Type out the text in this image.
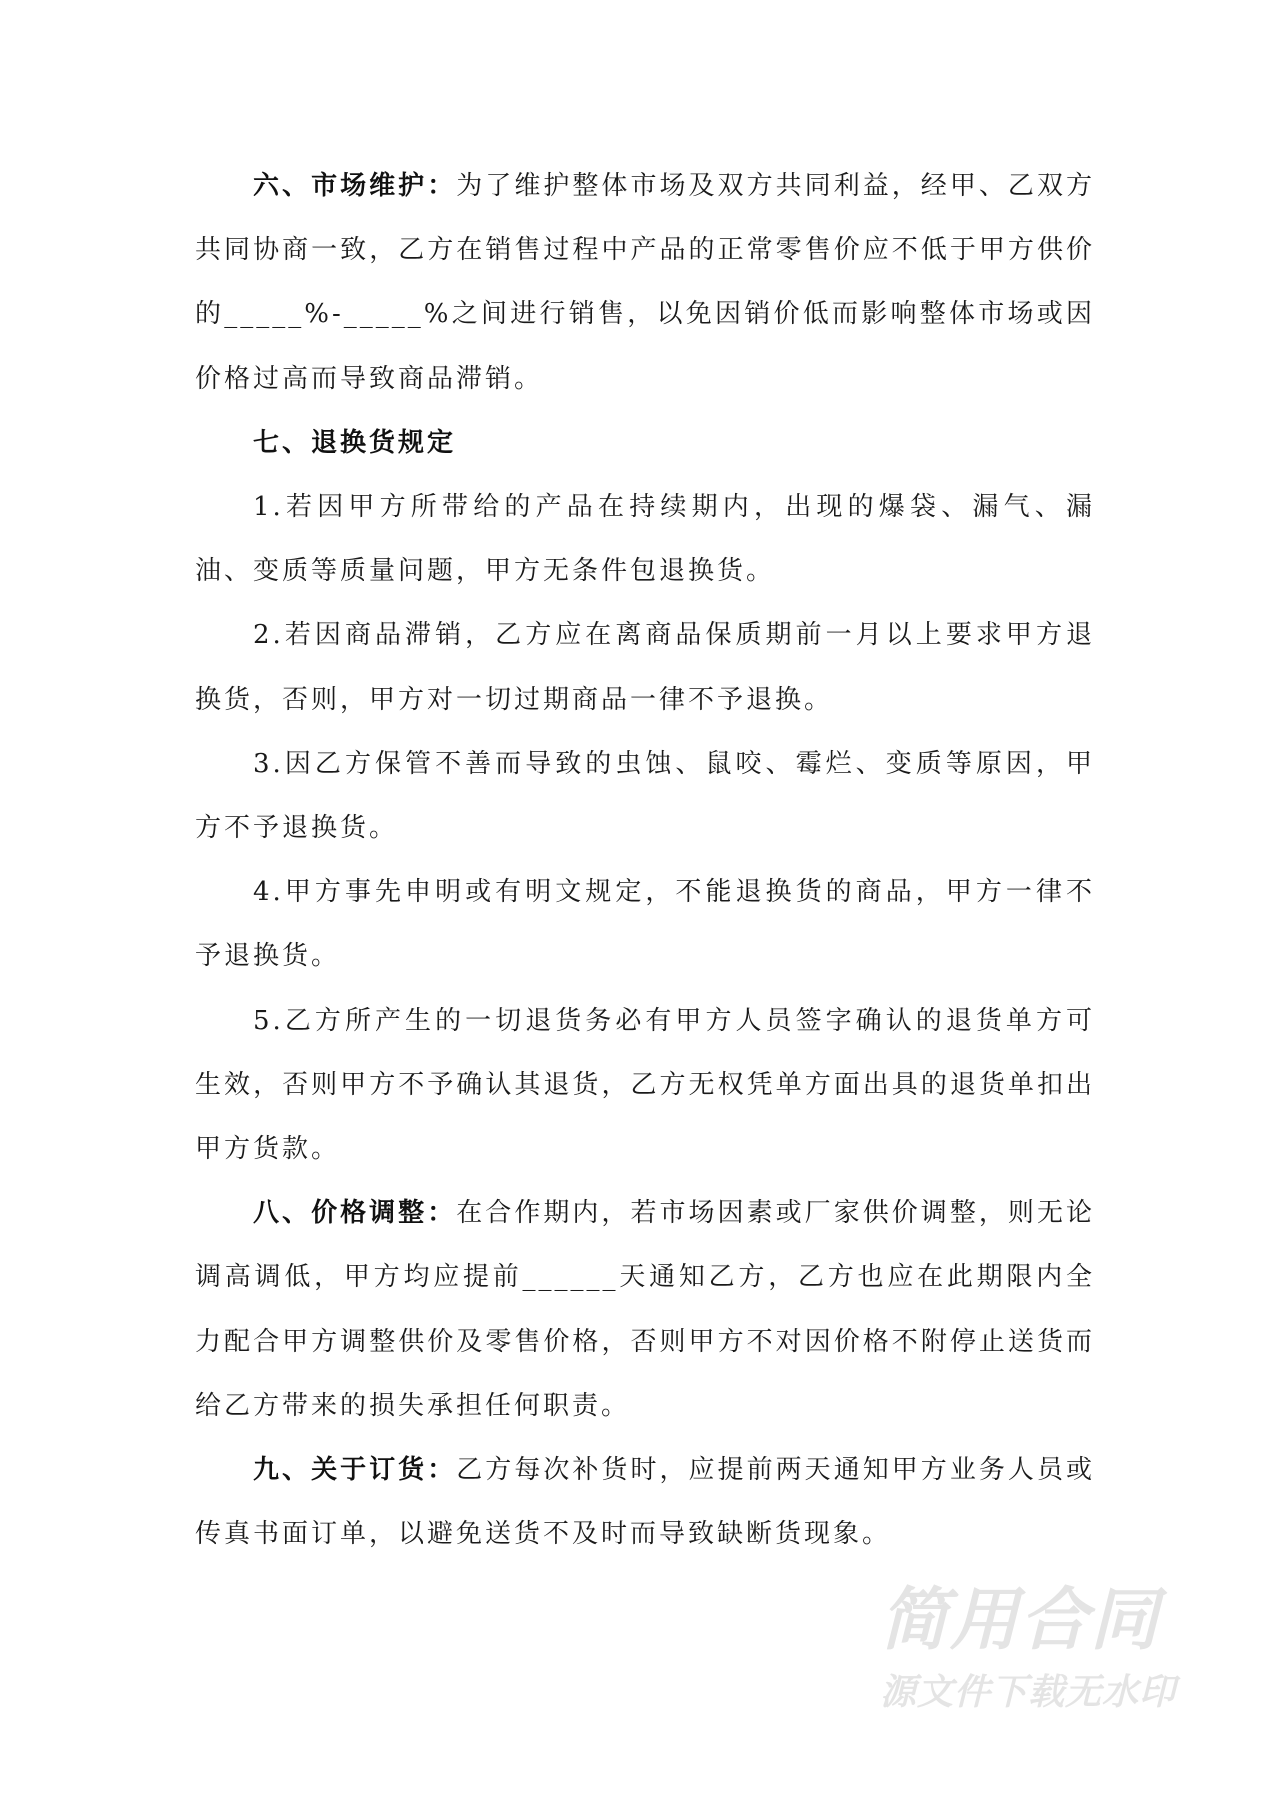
六、市场维护：为了维护整体市场及双方共同利益，经甲、乙双方共同协商一致，乙方在销售过程中产品的正常零售价应不低于甲方供价的_____%-_____%之间进行销售，以免因销价低而影响整体市场或因价格过高而导致商品滞销。

七、退换货规定

1.若因甲方所带给的产品在持续期内，出现的爆袋、漏气、漏油、变质等质量问题，甲方无条件包退换货。

2.若因商品滞销，乙方应在离商品保质期前一月以上要求甲方退换货，否则，甲方对一切过期商品一律不予退换。

3.因乙方保管不善而导致的虫蚀、鼠咬、霉烂、变质等原因，甲方不予退换货。

4.甲方事先申明或有明文规定，不能退换货的商品，甲方一律不予退换货。

5.乙方所产生的一切退货务必有甲方人员签字确认的退货单方可生效，否则甲方不予确认其退货，乙方无权凭单方面出具的退货单扣出甲方货款。

八、价格调整：在合作期内，若市场因素或厂家供价调整，则无论调高调低，甲方均应提前______天通知乙方，乙方也应在此期限内全力配合甲方调整供价及零售价格，否则甲方不对因价格不附停止送货而给乙方带来的损失承担任何职责。

九、关于订货：乙方每次补货时，应提前两天通知甲方业务人员或传真书面订单，以避免送货不及时而导致缺断货现象。

简用合同
源文件下载无水印
